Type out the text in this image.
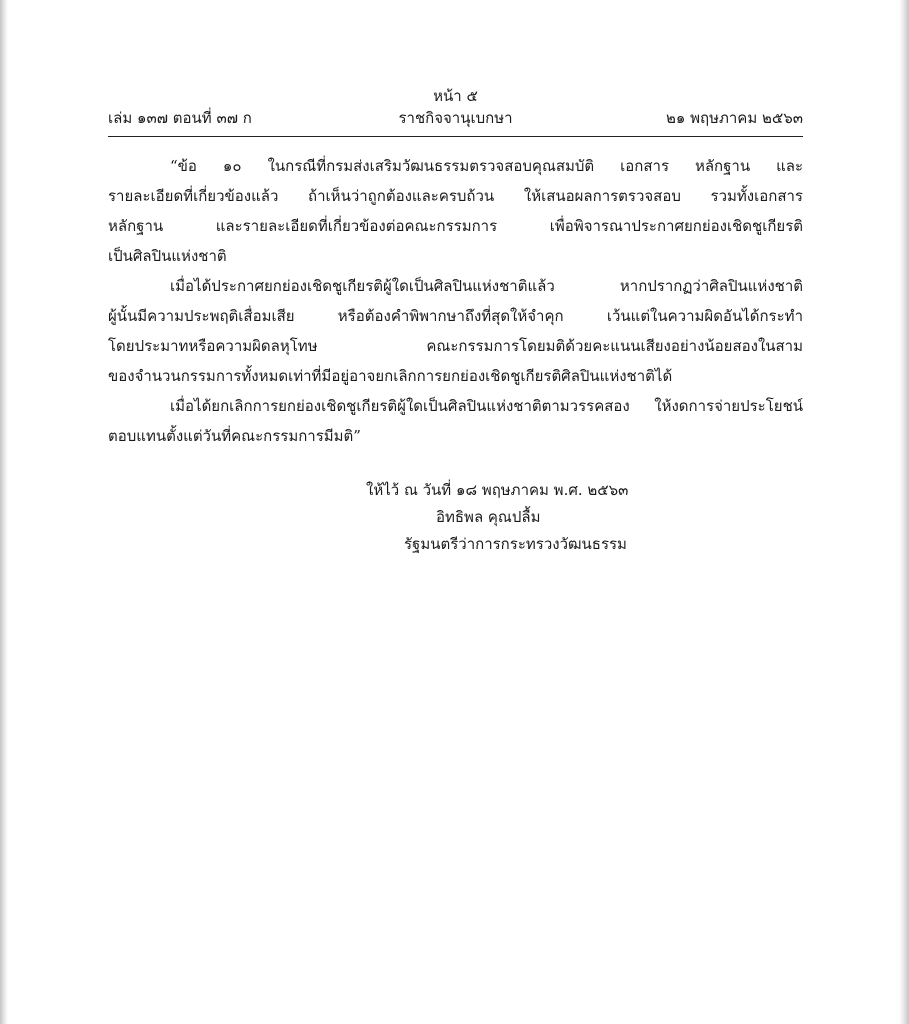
หน้า ๕
เล่ม ๑๓๗ ตอนที่ ๓๗ ก	ราชกิจจานุเบกษา	๒๑ พฤษภาคม ๒๕๖๓
“ข้อ ๑๐ ในกรณีที่กรมส่งเสริมวัฒนธรรมตรวจสอบคุณสมบัติ เอกสาร หลักฐาน และ
รายละเอียดที่เกี่ยวข้องแล้ว ถ้าเห็นว่าถูกต้องและครบถ้วน ให้เสนอผลการตรวจสอบ รวมทั้งเอกสาร
หลักฐาน และรายละเอียดที่เกี่ยวข้องต่อคณะกรรมการ เพื่อพิจารณาประกาศยกย่องเชิดชูเกียรติ
เป็นศิลปินแห่งชาติ
เมื่อได้ประกาศยกย่องเชิดชูเกียรติผู้ใดเป็นศิลปินแห่งชาติแล้ว หากปรากฏว่าศิลปินแห่งชาติ
ผู้นั้นมีความประพฤติเสื่อมเสีย หรือต้องคำพิพากษาถึงที่สุดให้จำคุก เว้นแต่ในความผิดอันได้กระทำ
โดยประมาทหรือความผิดลหุโทษ คณะกรรมการโดยมติด้วยคะแนนเสียงอย่างน้อยสองในสาม
ของจำนวนกรรมการทั้งหมดเท่าที่มีอยู่อาจยกเลิกการยกย่องเชิดชูเกียรติศิลปินแห่งชาติได้
เมื่อได้ยกเลิกการยกย่องเชิดชูเกียรติผู้ใดเป็นศิลปินแห่งชาติตามวรรคสอง ให้งดการจ่ายประโยชน์
ตอบแทนตั้งแต่วันที่คณะกรรมการมีมติ”
ให้ไว้ ณ วันที่ ๑๘ พฤษภาคม พ.ศ. ๒๕๖๓
อิทธิพล คุณปลื้ม
รัฐมนตรีว่าการกระทรวงวัฒนธรรม
